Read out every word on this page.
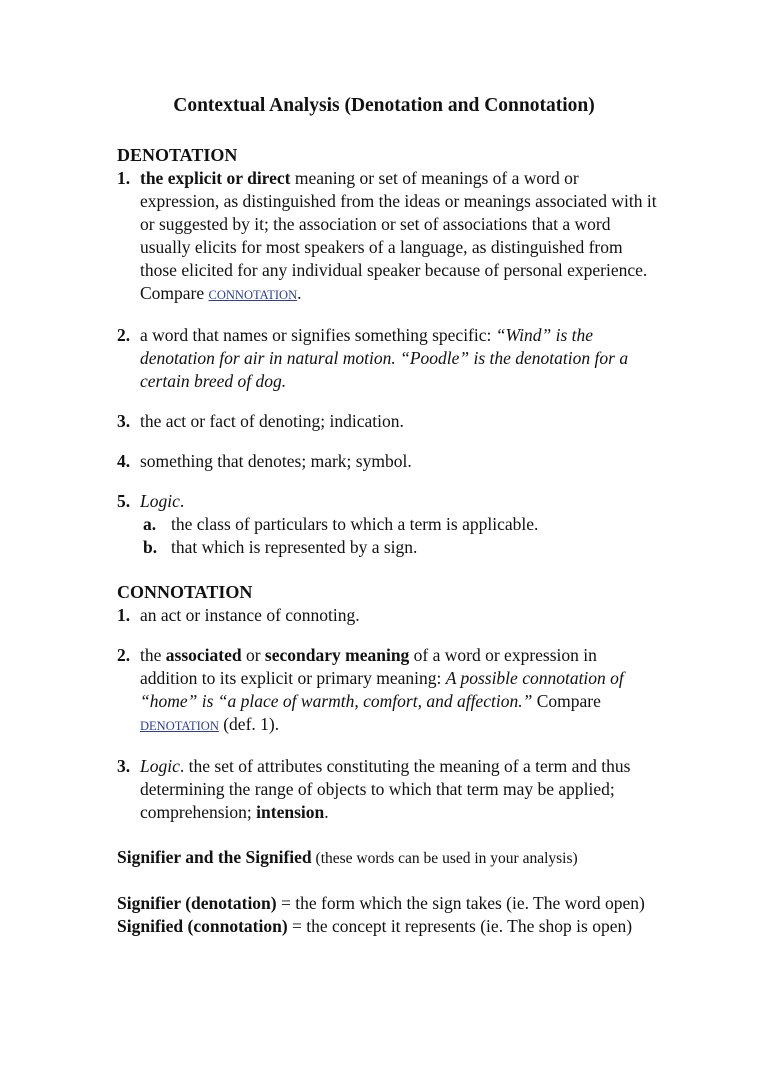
Contextual Analysis (Denotation and Connotation)
DENOTATION
1. the explicit or direct meaning or set of meanings of a word or expression, as distinguished from the ideas or meanings associated with it or suggested by it; the association or set of associations that a word usually elicits for most speakers of a language, as distinguished from those elicited for any individual speaker because of personal experience. Compare CONNOTATION.
2. a word that names or signifies something specific: “Wind” is the denotation for air in natural motion. “Poodle” is the denotation for a certain breed of dog.
3. the act or fact of denoting; indication.
4. something that denotes; mark; symbol.
5. Logic.
a. the class of particulars to which a term is applicable.
b. that which is represented by a sign.
CONNOTATION
1. an act or instance of connoting.
2. the associated or secondary meaning of a word or expression in addition to its explicit or primary meaning: A possible connotation of “home” is “a place of warmth, comfort, and affection.” Compare DENOTATION (def. 1).
3. Logic. the set of attributes constituting the meaning of a term and thus determining the range of objects to which that term may be applied; comprehension; intension.
Signifier and the Signified (these words can be used in your analysis)
Signifier (denotation) = the form which the sign takes (ie. The word open)
Signified (connotation) = the concept it represents (ie. The shop is open)
